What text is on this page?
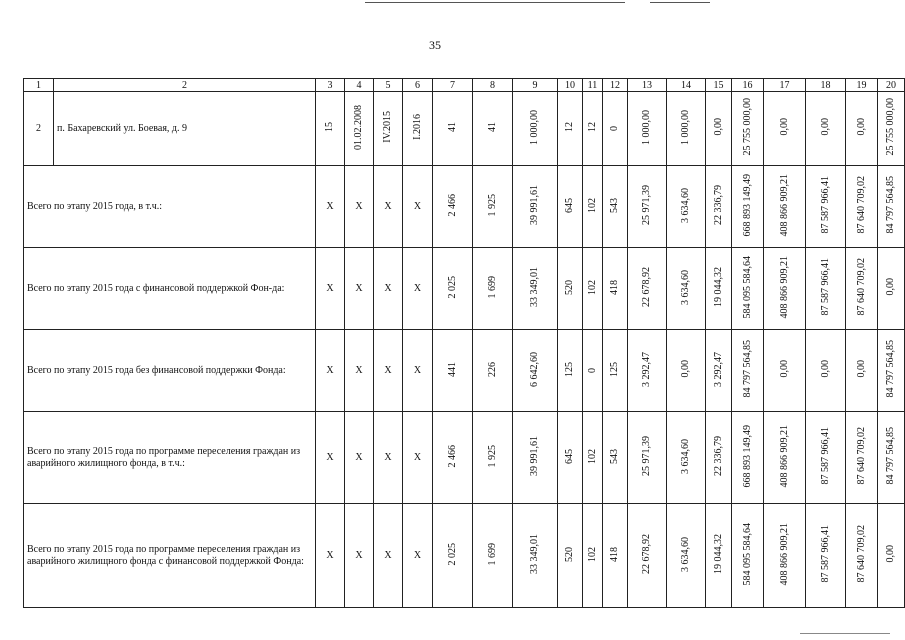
35
1	2	3	4	5	6	7	8	9	10	11	12	13	14	15	16	17	18	19	20
2	п. Бахаревский ул. Боевая, д. 9	15	01.02.2008	IV.2015	I.2016	41	41	1 000,00	12	12	0	1 000,00	1 000,00	0,00	25 755 000,00	0,00	0,00	0,00	25 755 000,00
Всего по этапу 2015 года, в т.ч.:		X	X	X	X	2 466	1 925	39 991,61	645	102	543	25 971,39	3 634,60	22 336,79	668 893 149,49	408 866 909,21	87 587 966,41	87 640 709,02	84 797 564,85
Всего по этапу 2015 года с финансовой поддержкой Фон-да:		X	X	X	X	2 025	1 699	33 349,01	520	102	418	22 678,92	3 634,60	19 044,32	584 095 584,64	408 866 909,21	87 587 966,41	87 640 709,02	0,00
Всего по этапу 2015 года без финансовой поддержки Фонда:		X	X	X	X	441	226	6 642,60	125	0	125	3 292,47	0,00	3 292,47	84 797 564,85	0,00	0,00	0,00	84 797 564,85
Всего по этапу 2015 года по программе переселения граждан из аварийного жилищного фонда, в т.ч.:		X	X	X	X	2 466	1 925	39 991,61	645	102	543	25 971,39	3 634,60	22 336,79	668 893 149,49	408 866 909,21	87 587 966,41	87 640 709,02	84 797 564,85
Всего по этапу 2015 года по программе переселения граждан из аварийного жилищного фонда с финансовой поддержкой Фонда:		X	X	X	X	2 025	1 699	33 349,01	520	102	418	22 678,92	3 634,60	19 044,32	584 095 584,64	408 866 909,21	87 587 966,41	87 640 709,02	0,00
